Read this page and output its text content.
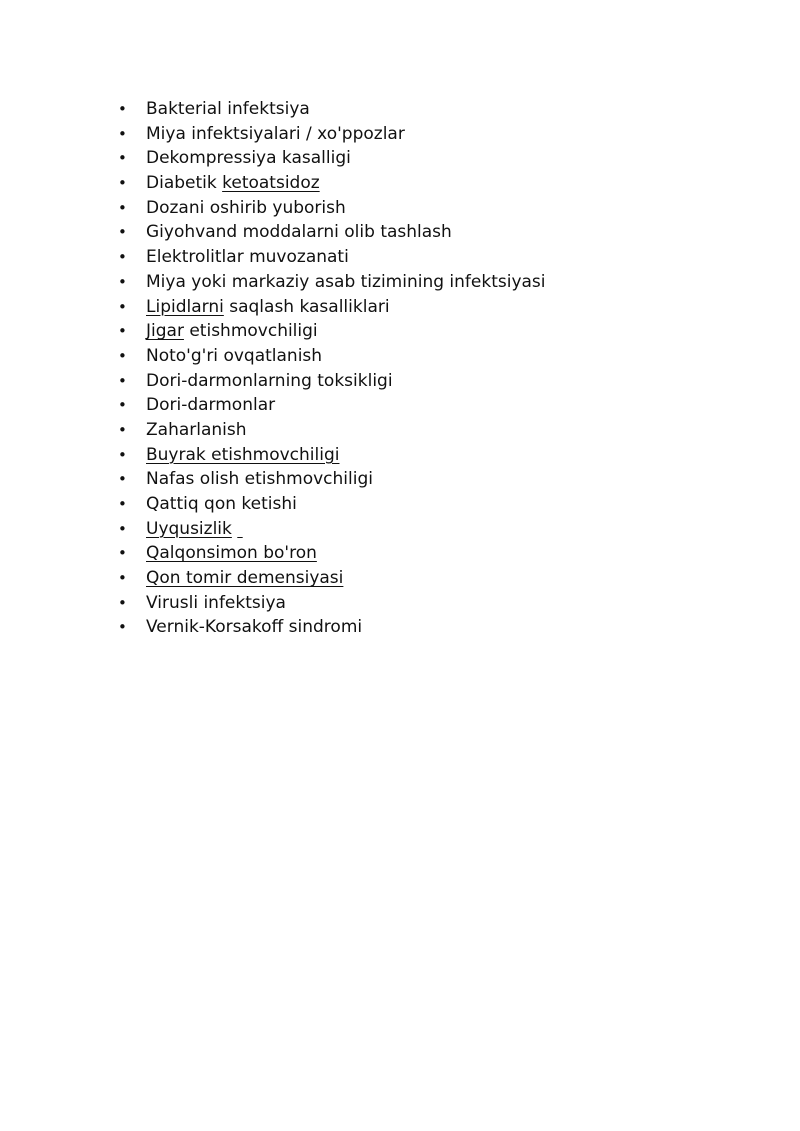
• Bakterial infektsiya
• Miya infektsiyalari / xo'ppozlar
• Dekompressiya kasalligi
• Diabetik ketoatsidoz
• Dozani oshirib yuborish
• Giyohvand moddalarni olib tashlash
• Elektrolitlar muvozanati
• Miya yoki markaziy asab tizimining infektsiyasi
• Lipidlarni saqlash kasalliklari
• Jigar etishmovchiligi
• Noto'g'ri ovqatlanish
• Dori-darmonlarning toksikligi
• Dori-darmonlar
• Zaharlanish
• Buyrak etishmovchiligi
• Nafas olish etishmovchiligi
• Qattiq qon ketishi
• Uyqusizlik
• Qalqonsimon bo'ron
• Qon tomir demensiyasi
• Virusli infektsiya
• Vernik-Korsakoff sindromi
